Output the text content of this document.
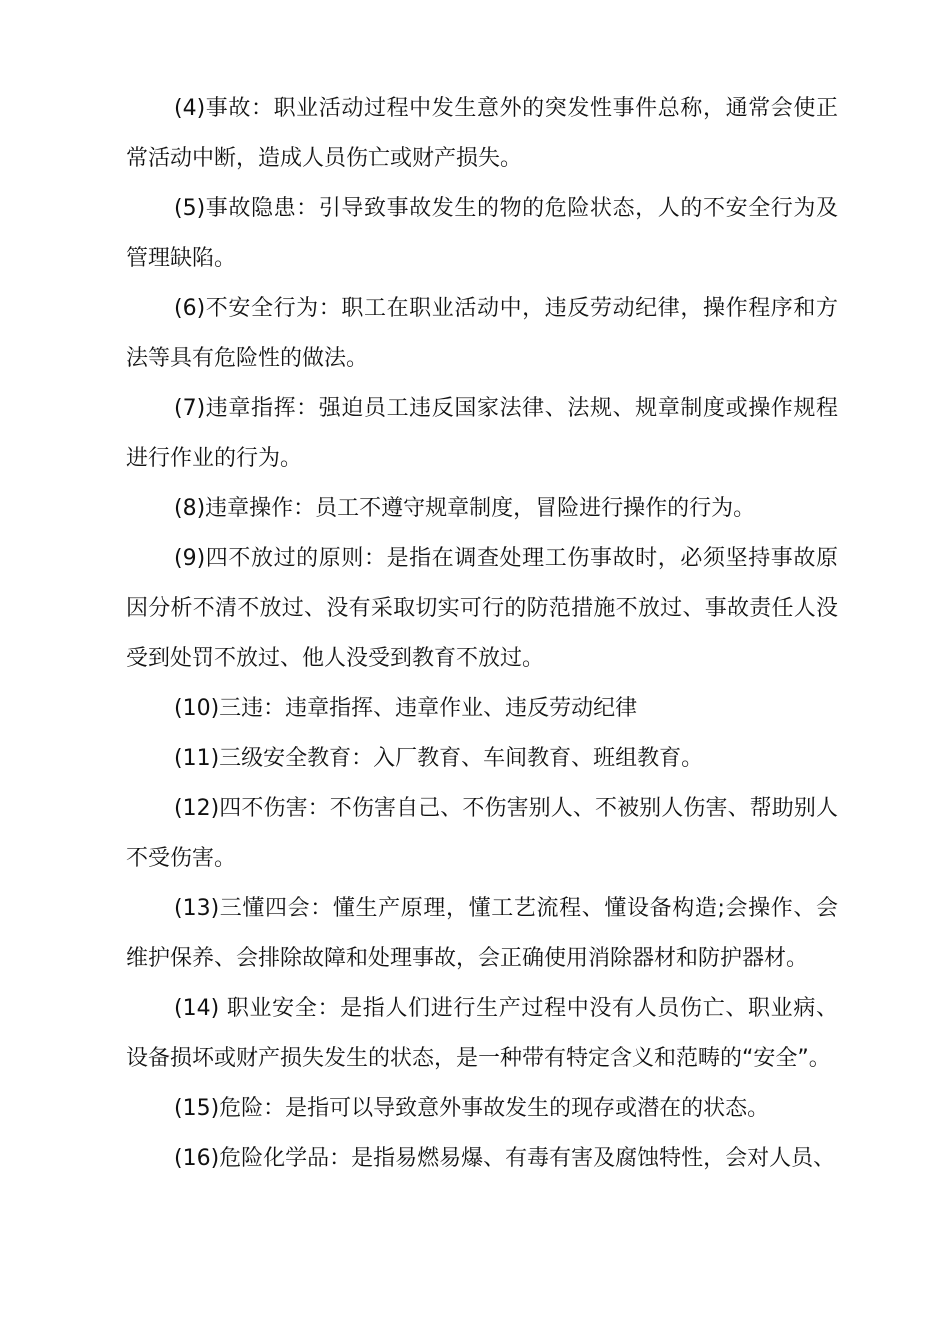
(4)事故：职业活动过程中发生意外的突发性事件总称，通常会使正常活动中断，造成人员伤亡或财产损失。

(5)事故隐患：引导致事故发生的物的危险状态，人的不安全行为及管理缺陷。

(6)不安全行为：职工在职业活动中，违反劳动纪律，操作程序和方法等具有危险性的做法。

(7)违章指挥：强迫员工违反国家法律、法规、规章制度或操作规程进行作业的行为。

(8)违章操作：员工不遵守规章制度，冒险进行操作的行为。

(9)四不放过的原则：是指在调查处理工伤事故时，必须坚持事故原因分析不清不放过、没有采取切实可行的防范措施不放过、事故责任人没受到处罚不放过、他人没受到教育不放过。

(10)三违：违章指挥、违章作业、违反劳动纪律

(11)三级安全教育：入厂教育、车间教育、班组教育。

(12)四不伤害：不伤害自己、不伤害别人、不被别人伤害、帮助别人不受伤害。

(13)三懂四会：懂生产原理，懂工艺流程、懂设备构造;会操作、会维护保养、会排除故障和处理事故，会正确使用消除器材和防护器材。

(14) 职业安全：是指人们进行生产过程中没有人员伤亡、职业病、设备损坏或财产损失发生的状态，是一种带有特定含义和范畴的“安全”。

(15)危险：是指可以导致意外事故发生的现存或潜在的状态。

(16)危险化学品：是指易燃易爆、有毒有害及腐蚀特性，会对人员、
